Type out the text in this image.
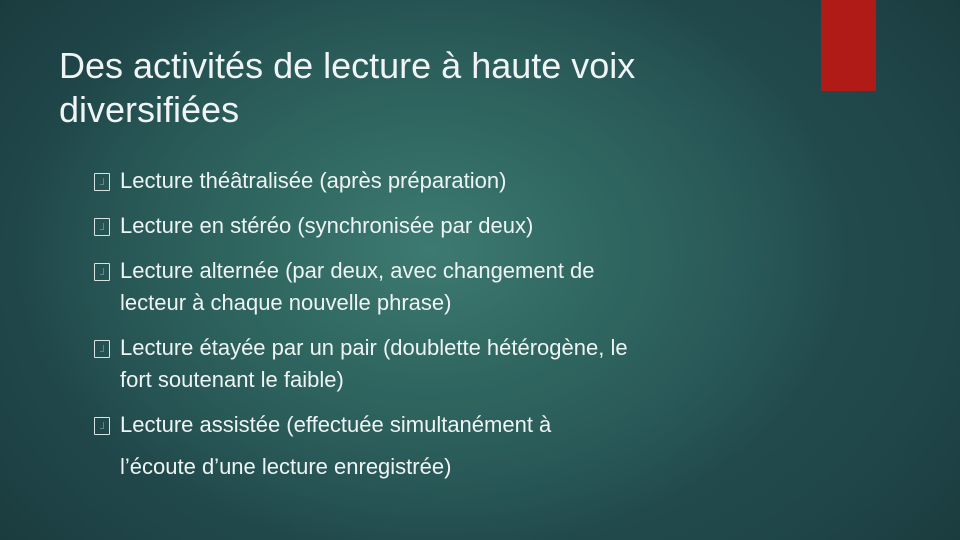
Des activités de lecture à haute voix diversifiées
Lecture théâtralisée (après préparation)
Lecture en stéréo (synchronisée par deux)
Lecture alternée (par deux, avec changement de
lecteur à chaque nouvelle phrase)
Lecture étayée par un pair (doublette hétérogène, le
fort soutenant le faible)
Lecture assistée (effectuée simultanément à
l’écoute d’une lecture enregistrée)
